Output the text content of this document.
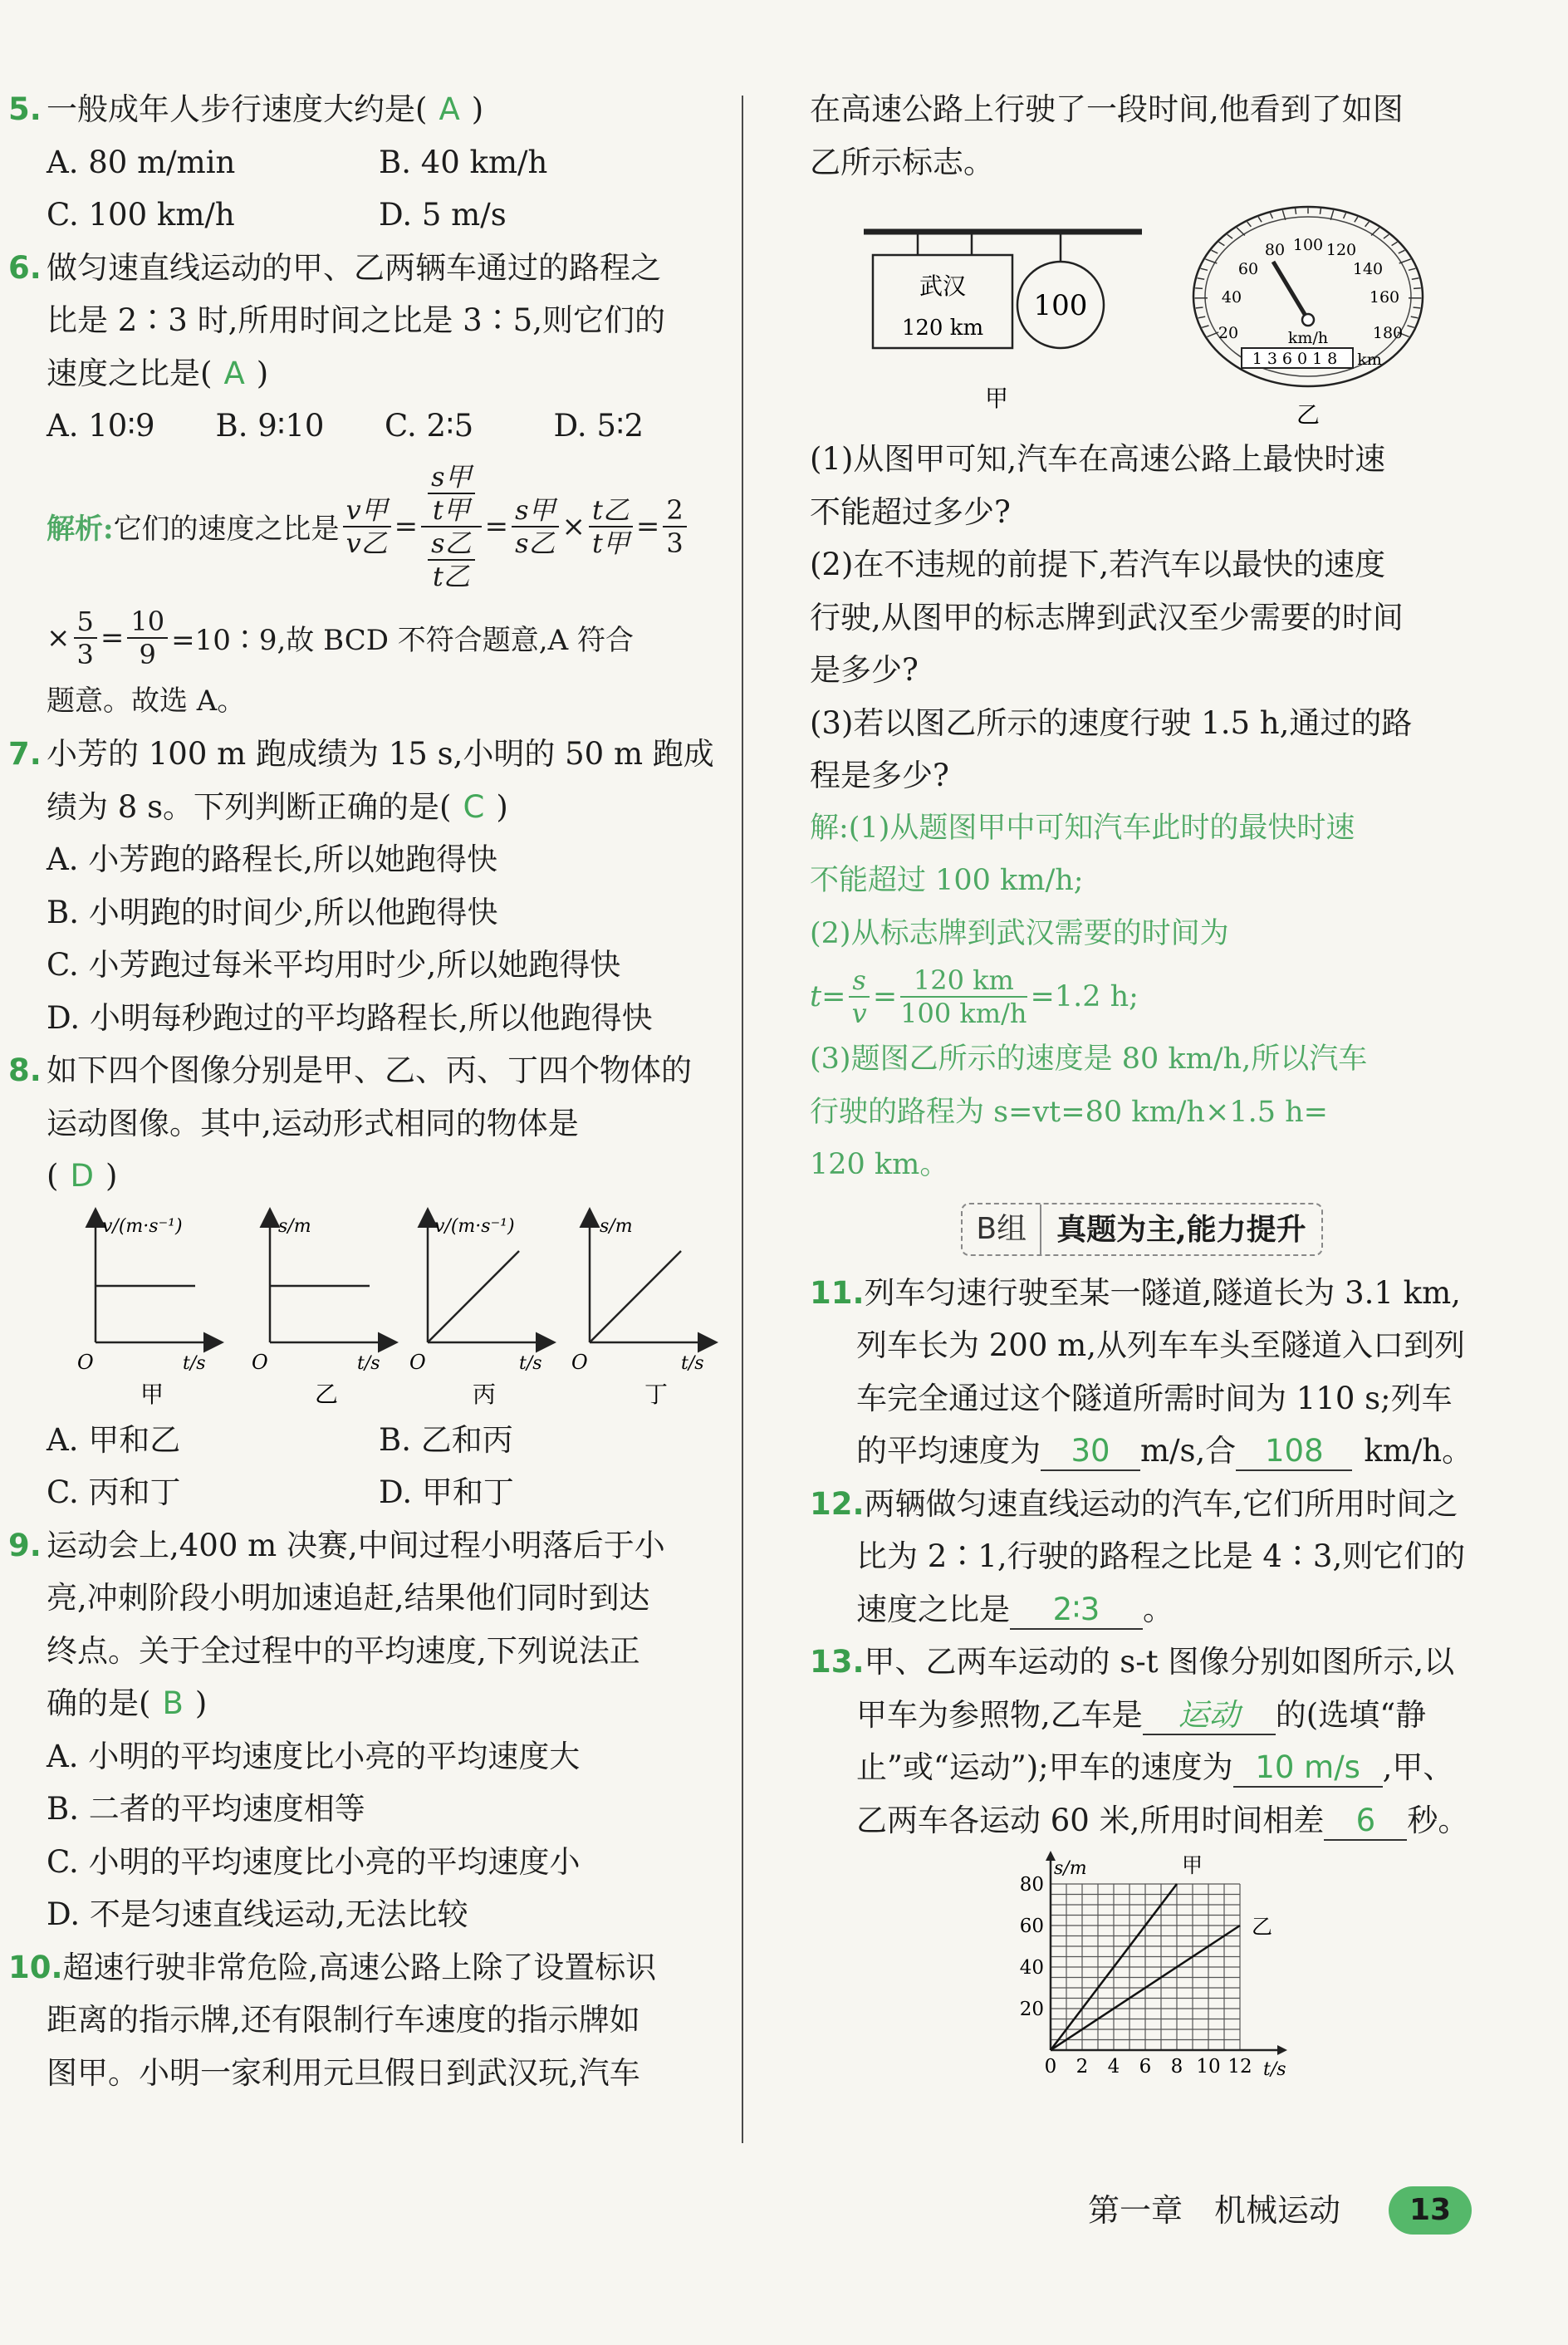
5. 一般成年人步行速度大约是( A )
A. 80 m/min	B. 40 km/h
C. 100 km/h	D. 5 m/s
6. 做匀速直线运动的甲、乙两辆车通过的路程之
比是 2∶3 时,所用时间之比是 3∶5,则它们的
速度之比是( A )
A. 10∶9	B. 9∶10	C. 2∶5	D. 5∶2
解析: 它们的速度之比是 $\frac{\text{v甲}}{\text{v乙}} = \frac{\frac{\text{s甲}}{\text{t甲}}}{\frac{\text{s乙}}{\text{t乙}}} = \frac{\text{s甲}}{\text{s乙}} \times \frac{\text{t乙}}{\text{t甲}} = \frac{2}{3}$
× $\frac{5}{3} = \frac{10}{9}$ =10∶9,故 BCD 不符合题意,A 符合
题意。故选 A。
7. 小芳的 100 m 跑成绩为 15 s,小明的 50 m 跑成
绩为 8 s。下列判断正确的是( C )
A. 小芳跑的路程长,所以她跑得快
B. 小明跑的时间少,所以他跑得快
C. 小芳跑过每米平均用时少,所以她跑得快
D. 小明每秒跑过的平均路程长,所以他跑得快
8. 如下四个图像分别是甲、乙、丙、丁四个物体的
运动图像。其中,运动形式相同的物体是
( D )
v/(m·s⁻¹)
t/s
O
甲
s/m
t/s
O
乙
v/(m·s⁻¹)
t/s
O
丙
s/m
t/s
O
丁
A. 甲和乙	B. 乙和丙
C. 丙和丁	D. 甲和丁
9. 运动会上,400 m 决赛,中间过程小明落后于小
亮,冲刺阶段小明加速追赶,结果他们同时到达
终点。关于全过程中的平均速度,下列说法正
确的是( B )
A. 小明的平均速度比小亮的平均速度大
B. 二者的平均速度相等
C. 小明的平均速度比小亮的平均速度小
D. 不是匀速直线运动,无法比较
10.超速行驶非常危险,高速公路上除了设置标识
距离的指示牌,还有限制行车速度的指示牌如
图甲。小明一家利用元旦假日到武汉玩,汽车
在高速公路上行驶了一段时间,他看到了如图
乙所示标志。
武汉
120 km
100
甲
20
40
60
80 100 120
140
160
180
km/h
136018 km
乙
(1)从图甲可知,汽车在高速公路上最快时速
不能超过多少?
(2)在不违规的前提下,若汽车以最快的速度
行驶,从图甲的标志牌到武汉至少需要的时间
是多少?
(3)若以图乙所示的速度行驶 1.5 h,通过的路
程是多少?
解:(1)从题图甲中可知汽车此时的最快时速
不能超过 100 km/h;
(2)从标志牌到武汉需要的时间为
$t= \frac{s}{v} = \frac{120 km}{100 km/h} =1.2$ h;
(3)题图乙所示的速度是 80 km/h,所以汽车
行驶的路程为 s=vt=80 km/h×1.5 h=
120 km。
B组	真题为主,能力提升
11.列车匀速行驶至某一隧道,隧道长为 3.1 km,
列车长为 200 m,从列车车头至隧道入口到列
车完全通过这个隧道所需时间为 110 s;列车
的平均速度为 30 m/s,合 108 km/h。
12.两辆做匀速直线运动的汽车,它们所用时间之
比为 2∶1,行驶的路程之比是 4∶3,则它们的
速度之比是 2∶3 。
13.甲、乙两车运动的 s-t 图像分别如图所示,以
甲车为参照物,乙车是 运动 的(选填“静
止”或“运动”);甲车的速度为 10 m/s ,甲、
乙两车各运动 60 米,所用时间相差 6 秒。
0 2 4 6 8 10 12
20
40
60
80
s/m
t/s
甲
乙
第一章　机械运动	13
